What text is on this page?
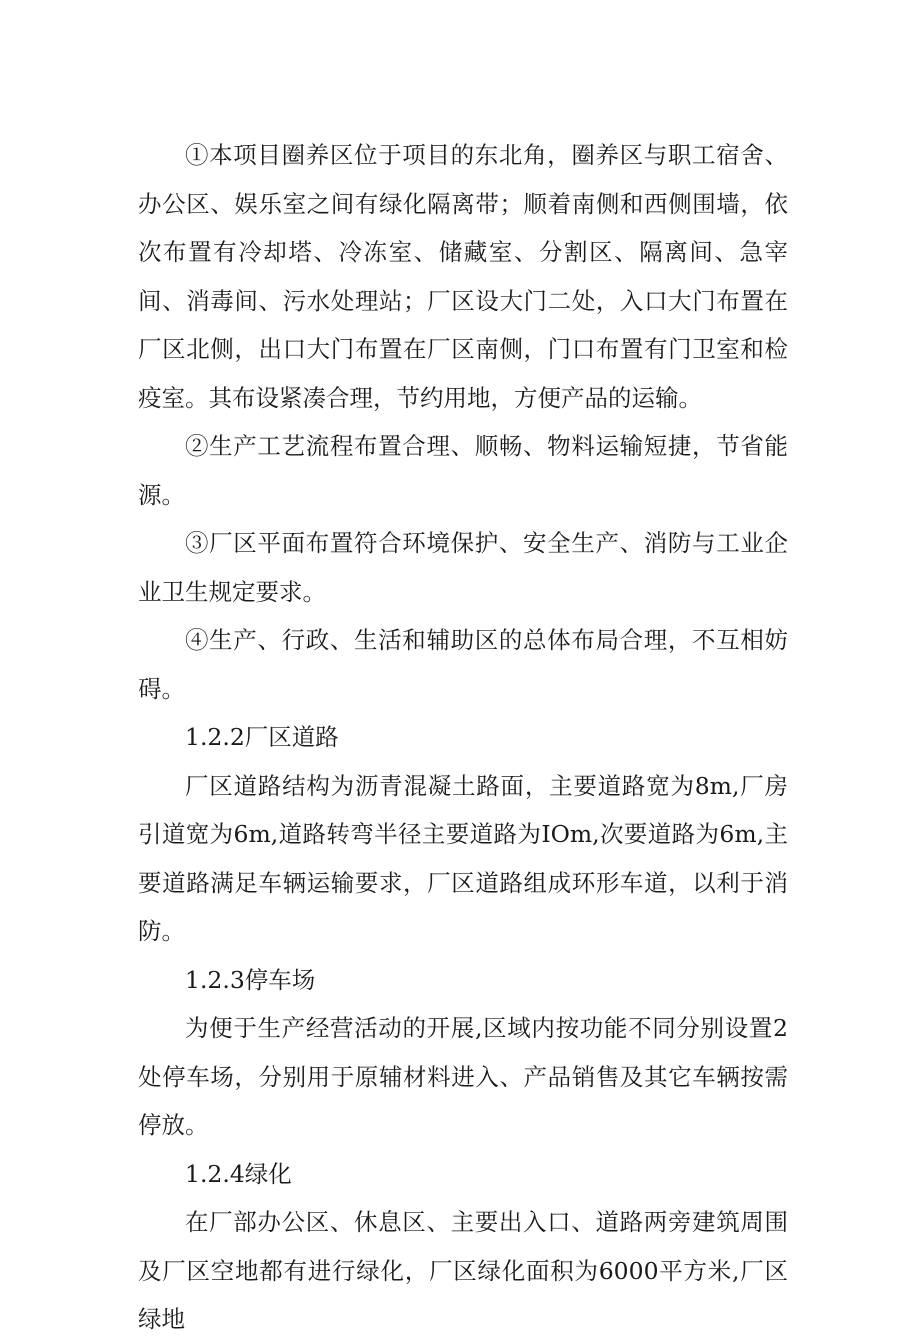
①本项目圈养区位于项目的东北角，圈养区与职工宿舍、办公区、娱乐室之间有绿化隔离带；顺着南侧和西侧围墙，依次布置有冷却塔、冷冻室、储藏室、分割区、隔离间、急宰间、消毒间、污水处理站；厂区设大门二处，入口大门布置在厂区北侧，出口大门布置在厂区南侧，门口布置有门卫室和检疫室。其布设紧凑合理，节约用地，方便产品的运输。

②生产工艺流程布置合理、顺畅、物料运输短捷，节省能源。

③厂区平面布置符合环境保护、安全生产、消防与工业企业卫生规定要求。

④生产、行政、生活和辅助区的总体布局合理，不互相妨碍。

1.2.2厂区道路

厂区道路结构为沥青混凝土路面，主要道路宽为8m,厂房引道宽为6m,道路转弯半径主要道路为IOm,次要道路为6m,主要道路满足车辆运输要求，厂区道路组成环形车道，以利于消防。

1.2.3停车场

为便于生产经营活动的开展,区域内按功能不同分别设置2处停车场，分别用于原辅材料进入、产品销售及其它车辆按需停放。

1.2.4绿化

在厂部办公区、休息区、主要出入口、道路两旁建筑周围及厂区空地都有进行绿化，厂区绿化面积为6000平方米,厂区绿地
